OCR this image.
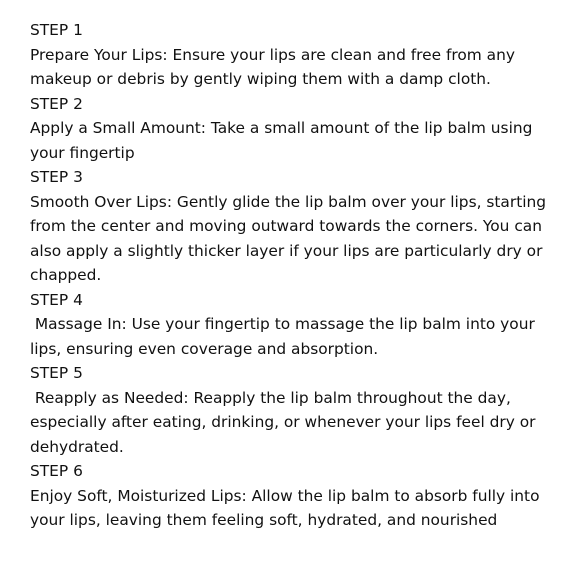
STEP 1
Prepare Your Lips: Ensure your lips are clean and free from any
makeup or debris by gently wiping them with a damp cloth.
STEP 2
Apply a Small Amount: Take a small amount of the lip balm using
your fingertip
STEP 3
Smooth Over Lips: Gently glide the lip balm over your lips, starting
from the center and moving outward towards the corners. You can
also apply a slightly thicker layer if your lips are particularly dry or
chapped.
STEP 4
Massage In: Use your fingertip to massage the lip balm into your
lips, ensuring even coverage and absorption.
STEP 5
Reapply as Needed: Reapply the lip balm throughout the day,
especially after eating, drinking, or whenever your lips feel dry or
dehydrated.
STEP 6
Enjoy Soft, Moisturized Lips: Allow the lip balm to absorb fully into
your lips, leaving them feeling soft, hydrated, and nourished
